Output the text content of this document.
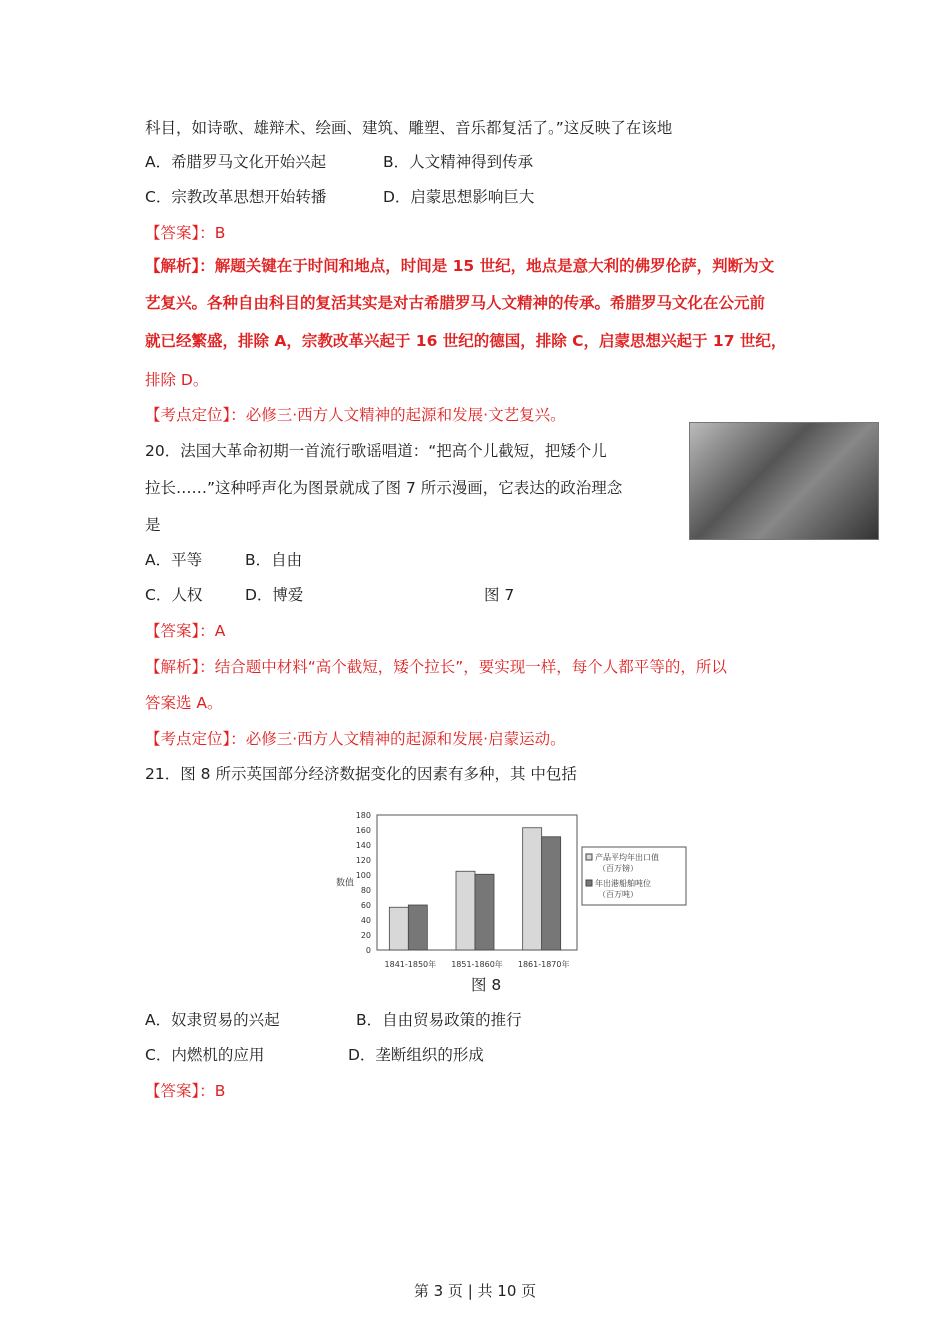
科目，如诗歌、雄辩术、绘画、建筑、雕塑、音乐都复活了。”这反映了在该地
A．希腊罗马文化开始兴起	B．人文精神得到传承
C．宗教改革思想开始转播	D．启蒙思想影响巨大
【答案】：B
【解析】：解题关键在于时间和地点，时间是 15 世纪，地点是意大利的佛罗伦萨，判断为文
艺复兴。各种自由科目的复活其实是对古希腊罗马人文精神的传承。希腊罗马文化在公元前
就已经繁盛，排除 A，宗教改革兴起于 16 世纪的德国，排除 C，启蒙思想兴起于 17 世纪，
排除 D。
【考点定位】：必修三·西方人文精神的起源和发展·文艺复兴。
20．法国大革命初期一首流行歌谣唱道：“把高个儿截短，把矮个儿
拉长……”这种呼声化为图景就成了图 7 所示漫画，它表达的政治理念
是
A．平等	B．自由
C．人权	D．博爱	图 7
【答案】：A
【解析】：结合题中材料“高个截短，矮个拉长”，要实现一样，每个人都平等的，所以
答案选 A。
【考点定位】：必修三·西方人文精神的起源和发展·启蒙运动。
21．图 8 所示英国部分经济数据变化的因素有多种，其 中包括
0
20
40
60
80
100
120
140
160
180
数值
1841-1850年 1851-1860年 1861-1870年
产品平均年出口值
（百万镑）
年出港船舶吨位
（百万吨）
图 8
A．奴隶贸易的兴起	B．自由贸易政策的推行
C．内燃机的应用	D．垄断组织的形成
【答案】：B
第 3 页 | 共 10 页
